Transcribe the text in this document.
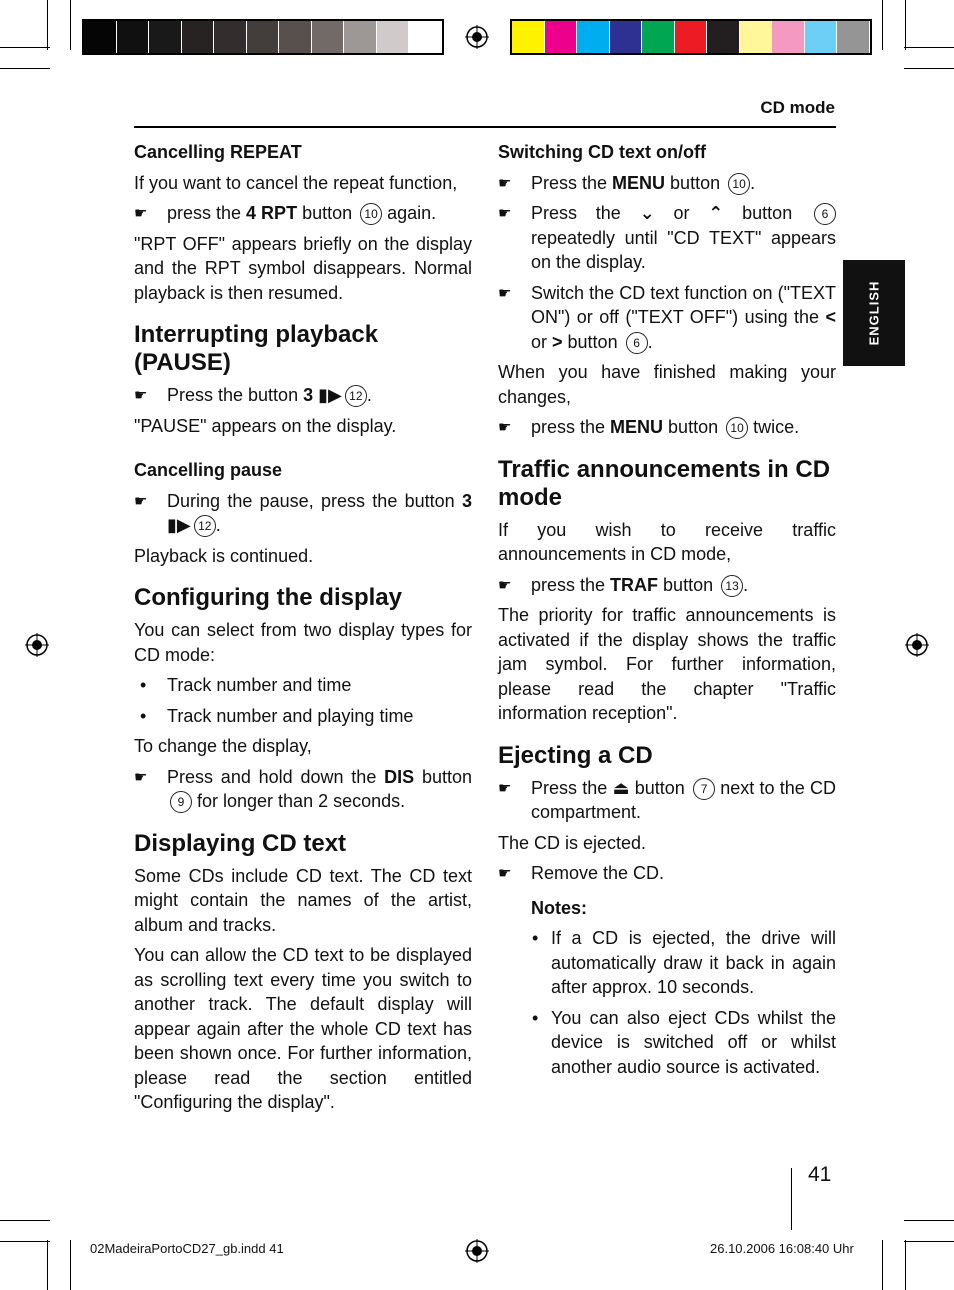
CD mode
ENGLISH
Cancelling REPEAT

If you want to cancel the repeat function,

☛	press the 4 RPT button 10 again.

"RPT OFF" appears briefly on the display and the RPT symbol disappears. Normal playback is then resumed.

Interrupting playback (PAUSE)
☛	Press the button 3 ▮▶ 12 .

"PAUSE" appears on the display.

Cancelling pause
☛	During the pause, press the button 3 ▮▶ 12 .

Playback is continued.

Configuring the display

You can select from two display types for CD mode:

• Track number and time
• Track number and playing time

To change the display,

☛	Press and hold down the DIS button 9 for longer than 2 seconds.
Displaying CD text

Some CDs include CD text. The CD text might contain the names of the artist, album and tracks.

You can allow the CD text to be displayed as scrolling text every time you switch to another track. The default display will appear again after the whole CD text has been shown once. For further information, please read the section entitled "Configuring the display".

Switching CD text on/off
☛	Press the MENU button 10 .
☛	Press the ⌄ or ⌃ button 6 repeatedly until "CD TEXT" appears on the display.
☛	Switch the CD text function on ("TEXT ON") or off ("TEXT OFF") using the < or > button 6 .

When you have finished making your changes,

☛	press the MENU button 10 twice.
Traffic announcements in CD mode

If you wish to receive traffic announcements in CD mode,

☛	press the TRAF button 13 .

The priority for traffic announcements is activated if the display shows the traffic jam symbol. For further information, please read the chapter "Traffic information reception".

Ejecting a CD
☛	Press the ⏏ button 7 next to the CD compartment.

The CD is ejected.

☛	Remove the CD.
Notes:
• If a CD is ejected, the drive will automatically draw it back in again after approx. 10 seconds.
• You can also eject CDs whilst the device is switched off or whilst another audio source is activated.
41
02MadeiraPortoCD27_gb.indd 41	26.10.2006 16:08:40 Uhr
